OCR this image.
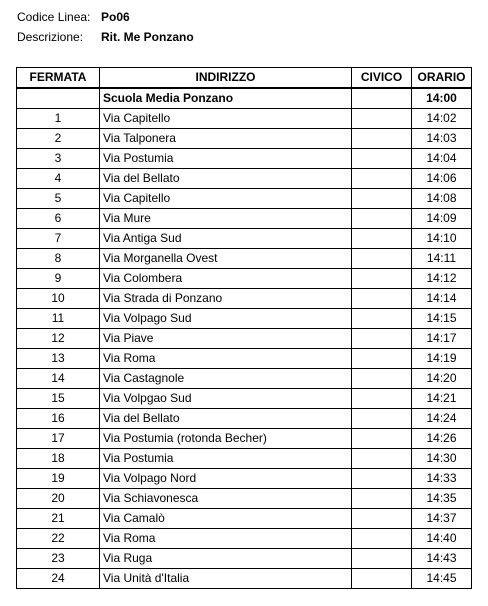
Codice Linea: Po06
Descrizione: Rit. Me Ponzano
FERMATA	INDIRIZZO	CIVICO	ORARIO
	Scuola Media Ponzano		14:00
1	Via Capitello		14:02
2	Via Talponera		14:03
3	Via Postumia		14:04
4	Via del Bellato		14:06
5	Via Capitello		14:08
6	Via Mure		14:09
7	Via Antiga Sud		14:10
8	Via Morganella Ovest		14:11
9	Via Colombera		14:12
10	Via Strada di Ponzano		14:14
11	Via Volpago Sud		14:15
12	Via Piave		14:17
13	Via Roma		14:19
14	Via Castagnole		14:20
15	Via Volpgao Sud		14:21
16	Via del Bellato		14:24
17	Via Postumia (rotonda Becher)		14:26
18	Via Postumia		14:30
19	Via Volpago Nord		14:33
20	Via Schiavonesca		14:35
21	Via Camalò		14:37
22	Via Roma		14:40
23	Via Ruga		14:43
24	Via Unità d'Italia		14:45
